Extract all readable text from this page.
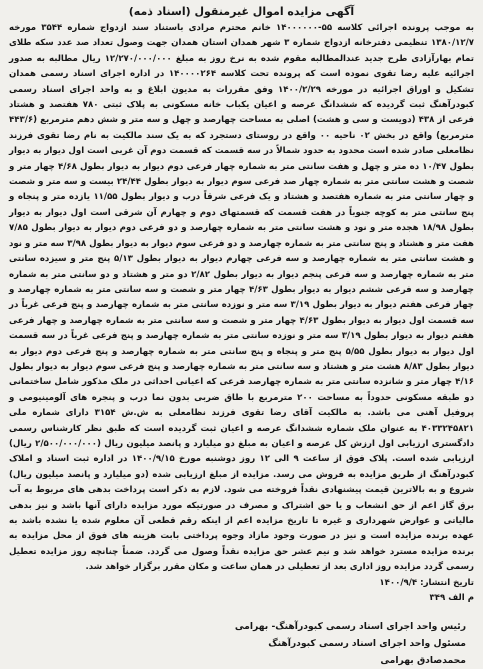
آگهی مزایده اموال غیرمنقول (اسناد ذمه)

به موجب پرونده اجرائی کلاسه ۵۵-۱۴۰۰۰۰۰۰ خانم محترم مرادی باستناد سند ازدواج شماره ۳۵۴۴ مورخه ۱۳۸۰/۱۲/۷ تنظیمی دفترخانه ازدواج شماره ۳ شهر همدان استان همدان جهت وصول تعداد صد عدد سکه طلای تمام بهارآزادی طرح جدید عندالمطالبه مقوم شده به نرخ روز به مبلغ ۱۲/۲۷۰/۰۰۰/۰۰۰ ریال مطالبه به صدور اجرائیه علیه رضا تقوی نموده است که پرونده تحت کلاسه ۱۴۰۰۰۰۲۶۴ در اداره اجرای اسناد رسمی همدان تشکیل و اوراق اجرائیه در مورخه ۱۴۰۰/۲/۲۹ وفق مقررات به مدیون ابلاغ و به واحد اجرای اسناد رسمی کبودرآهنگ ثبت گردیده که ششدانگ عرصه و اعیان یکباب خانه مسکونی به پلاک ثبتی ۷۸۰ هفتصد و هشتاد فرعی از ۴۳۸ (دویست و سی و هشت) اصلی به مساحت چهارصد و چهل و سه متر و شش دهم مترمربع (۴۴۳/۶ مترمربع) واقع در بخش ۰۲ ناحیه ۰۰ واقع در روستای دستجرد که به یک سند مالکیت به نام رضا تقوی فرزند نظامعلی صادر شده است محدود به حدود شمالاً در سه قسمت که قسمت دوم آن غربی است اول دیوار به دیوار بطول ۱۰/۴۷ ده متر و چهل و هفت سانتی متر به شماره چهار فرعی دوم دیوار به دیوار بطول ۴/۶۸ چهار متر و شصت و هشت سانتی متر به شماره چهار صد فرعی سوم دیوار به دیوار بطول ۲۴/۴۴ بیست و سه متر و شصت و چهار سانتی متر به شماره هفتصد و هشتاد و یک فرعی شرقاً درب و دیوار بطول ۱۱/۵۵ یازده متر و پنجاه و پنج سانتی متر به کوچه جنوباً در هفت قسمت که قسمتهای دوم و چهارم آن شرقی است اول دیوار به دیوار بطول ۱۸/۹۸ هجده متر و نود و هشت سانتی متر به شماره چهارصد و دو فرعی دوم دیوار به دیوار بطول ۷/۸۵ هفت متر و هشتاد و پنج سانتی متر به شماره چهارصد و دو فرعی سوم دیوار به دیوار بطول ۳/۹۸ سه متر و نود و هشت سانتی متر به شماره چهارصد و سه فرعی چهارم دیوار به دیوار بطول ۵/۱۳ پنج متر و سیزده سانتی متر به شماره چهارصد و سه فرعی پنجم دیوار به دیوار بطول ۲/۸۲ دو متر و هشتاد و دو سانتی متر به شماره چهارصد و سه فرعی ششم دیوار به دیوار بطول ۴/۶۳ چهار متر و شصت و سه سانتی متر به شماره چهارصد و چهار فرعی هفتم دیوار به دیوار بطول ۳/۱۹ سه متر و نوزده سانتی متر به شماره چهارصد و پنج فرعی غرباً در سه قسمت اول دیوار به دیوار بطول ۴/۶۳ چهار متر و شصت و سه سانتی متر به شماره چهارصد و چهار فرعی هفتم دیوار به دیوار بطول ۳/۱۹ سه متر و نوزده سانتی متر به شماره چهارصد و پنج فرعی غرباً در سه قسمت اول دیوار به دیوار بطول ۵/۵۵ پنج متر و پنجاه و پنج سانتی متر به شماره چهارصد و پنج فرعی دوم دیوار به دیوار بطول ۸/۸۳ هشت متر و هشتاد و سه سانتی متر به شماره چهارصد و پنج فرعی سوم دیوار به دیوار بطول ۴/۱۶ چهار متر و شانزده سانتی متر به شماره چهارصد فرعی که اعیانی احداثی در ملک مذکور شامل ساختمانی دو طبقه مسکونی حدوداً به مساحت ۲۰۰ مترمربع با طاق ضربی بدون نما درب و پنجره های آلومینیومی و پروفیل آهنی می باشد. به مالکیت آقای رضا تقوی فرزند نظامعلی به ش.ش ۳۱۵۴ دارای شماره ملی ۴۰۳۳۲۴۵۸۲۱ به عنوان ملک شماره ششدانگ عرصه و اعیان ثبت گردیده است که طبق نظر کارشناس رسمی دادگستری ارزیابی اول ارزش کل عرصه و اعیان به مبلغ دو میلیارد و پانصد میلیون ریال (۲/۵۰۰/۰۰۰/۰۰۰ ریال) ارزیابی شده است. پلاک فوق از ساعت ۹ الی ۱۲ روز دوشنبه مورخ ۱۴۰۰/۹/۱۵ در اداره ثبت اسناد و املاک کبودرآهنگ از طریق مزایده به فروش می رسد. مزایده از مبلغ ارزیابی شده (دو میلیارد و پانصد میلیون ریال) شروع و به بالاترین قیمت پیشنهادی نقداً فروخته می شود. لازم به ذکر است پرداخت بدهی های مربوط به آب برق گاز اعم از حق انشعاب و یا حق اشتراک و مصرف در صورتیکه مورد مزایده دارای آنها باشد و نیز بدهی مالیاتی و عوارض شهرداری و غیره تا تاریخ مزایده اعم از اینکه رقم قطعی آن معلوم شده یا نشده باشد به عهده برنده مزایده است و نیز در صورت وجود مازاد وجوه پرداختی بابت هزینه های فوق از محل مزایده به برنده مزایده مسترد خواهد شد و نیم عشر حق مزایده نقداً وصول می گردد. ضمناً چنانچه روز مزایده تعطیل رسمی گردد مزایده روز اداری بعد از تعطیلی در همان ساعت و مکان مقرر برگزار خواهد شد.

تاریخ انتشار: ۱۴۰۰/۹/۴

م الف ۳۴۹

رئیس واحد اجرای اسناد رسمی کبودرآهنگ- بهرامی
مسئول واحد اجرای اسناد رسمی کبودرآهنگ
محمدصادق بهرامی
